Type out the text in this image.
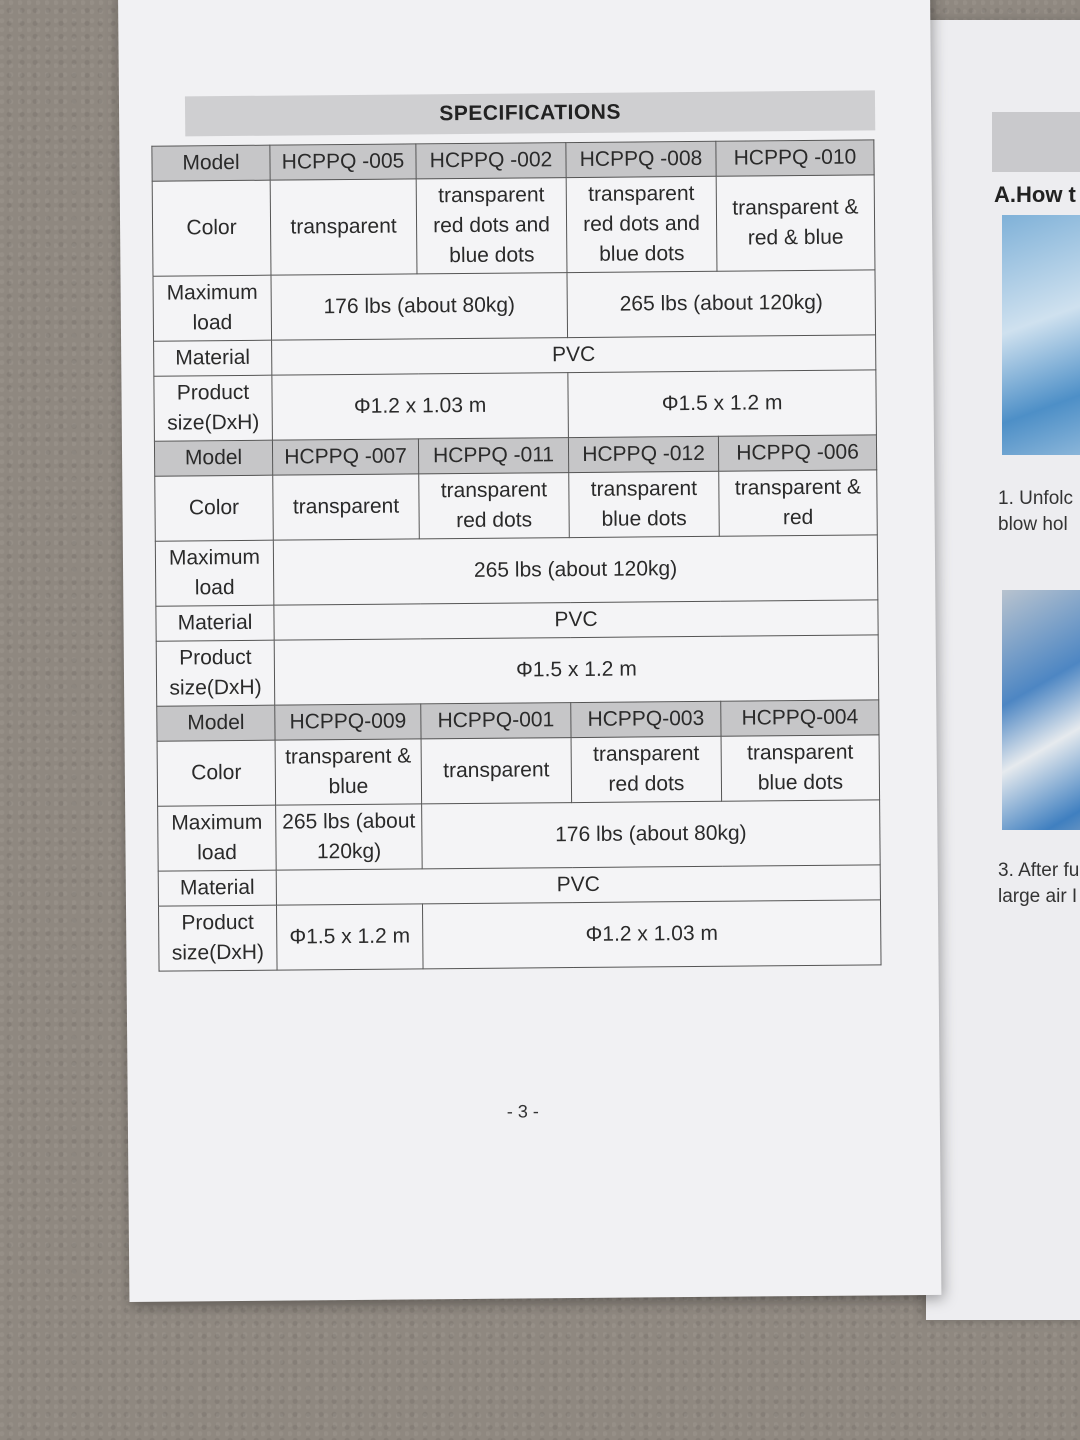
A.How t
1. Unfolc
blow hol
3. After fu
large air I
SPECIFICATIONS
Model	HCPPQ -005	HCPPQ -002	HCPPQ -008	HCPPQ -010
Color	transparent	transparent red dots and blue dots	transparent red dots and blue dots	transparent & red & blue
Maximum load	176 lbs (about 80kg)		265 lbs (about 120kg)	
Material	PVC			
Product size(DxH)	Φ1.2 x 1.03 m		Φ1.5 x 1.2 m	
Model	HCPPQ -007	HCPPQ -011	HCPPQ -012	HCPPQ -006
Color	transparent	transparent red dots	transparent blue dots	transparent & red
Maximum load	265 lbs (about 120kg)			
Material	PVC			
Product size(DxH)	Φ1.5 x 1.2 m			
Model	HCPPQ-009	HCPPQ-001	HCPPQ-003	HCPPQ-004
Color	transparent & blue	transparent	transparent red dots	transparent blue dots
Maximum load	265 lbs (about 120kg)	176 lbs (about 80kg)		
Material	PVC			
Product size(DxH)	Φ1.5 x 1.2 m	Φ1.2 x 1.03 m		
- 3 -
